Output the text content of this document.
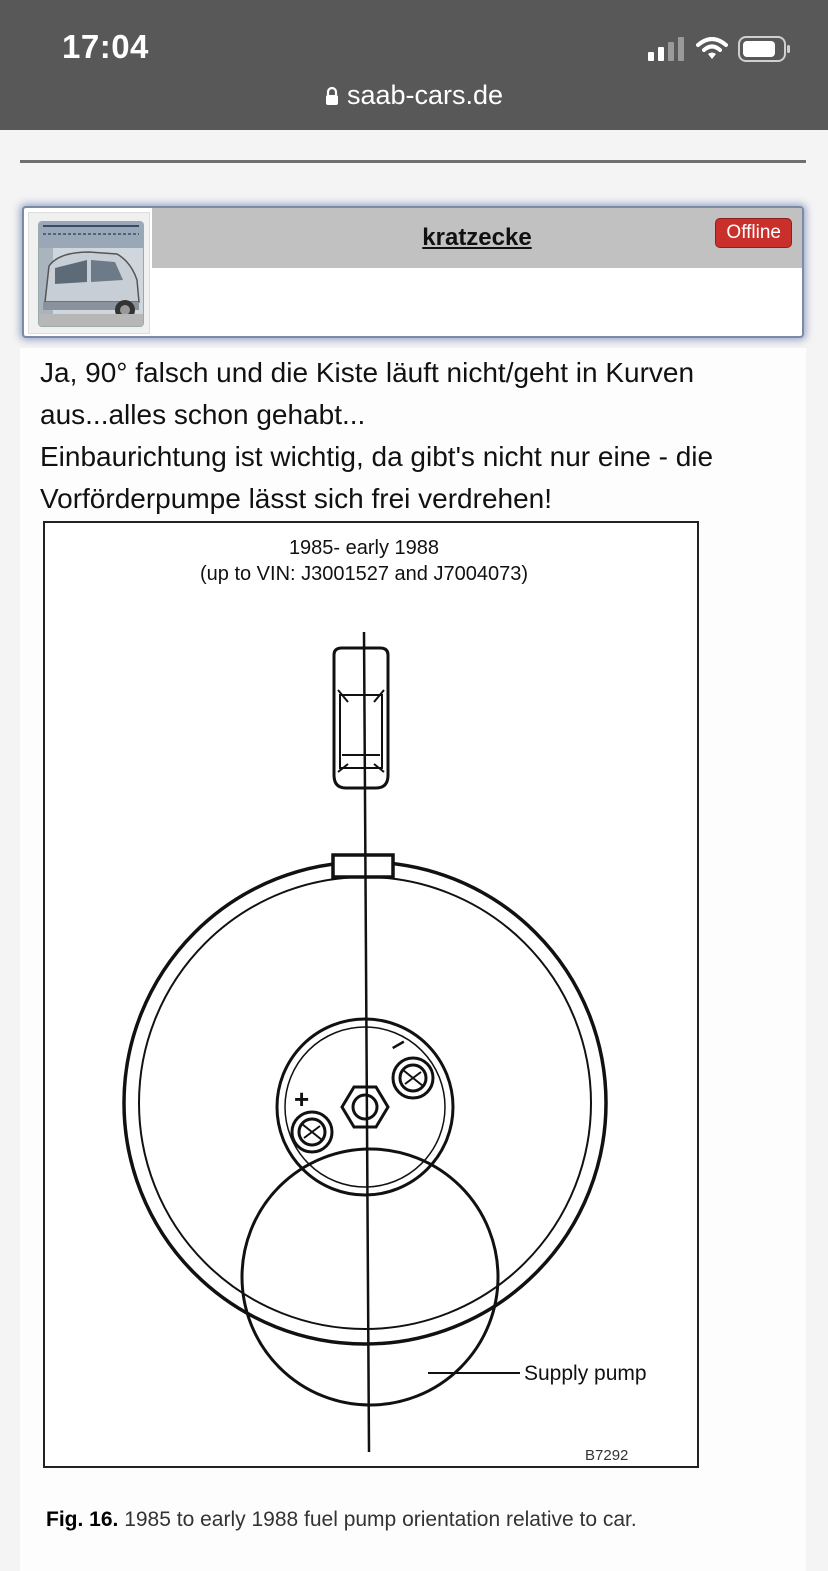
17:04
saab-cars.de
kratzecke	Offline
Ja, 90° falsch und die Kiste läuft nicht/geht in Kurven aus...alles schon gehabt...
Einbaurichtung ist wichtig, da gibt's nicht nur eine - die Vorförderpumpe lässt sich frei verdrehen!
1985- early 1988
(up to VIN: J3001527 and J7004073)
+
–
Supply pump
B7292
Fig. 16. 1985 to early 1988 fuel pump orientation relative to car.
